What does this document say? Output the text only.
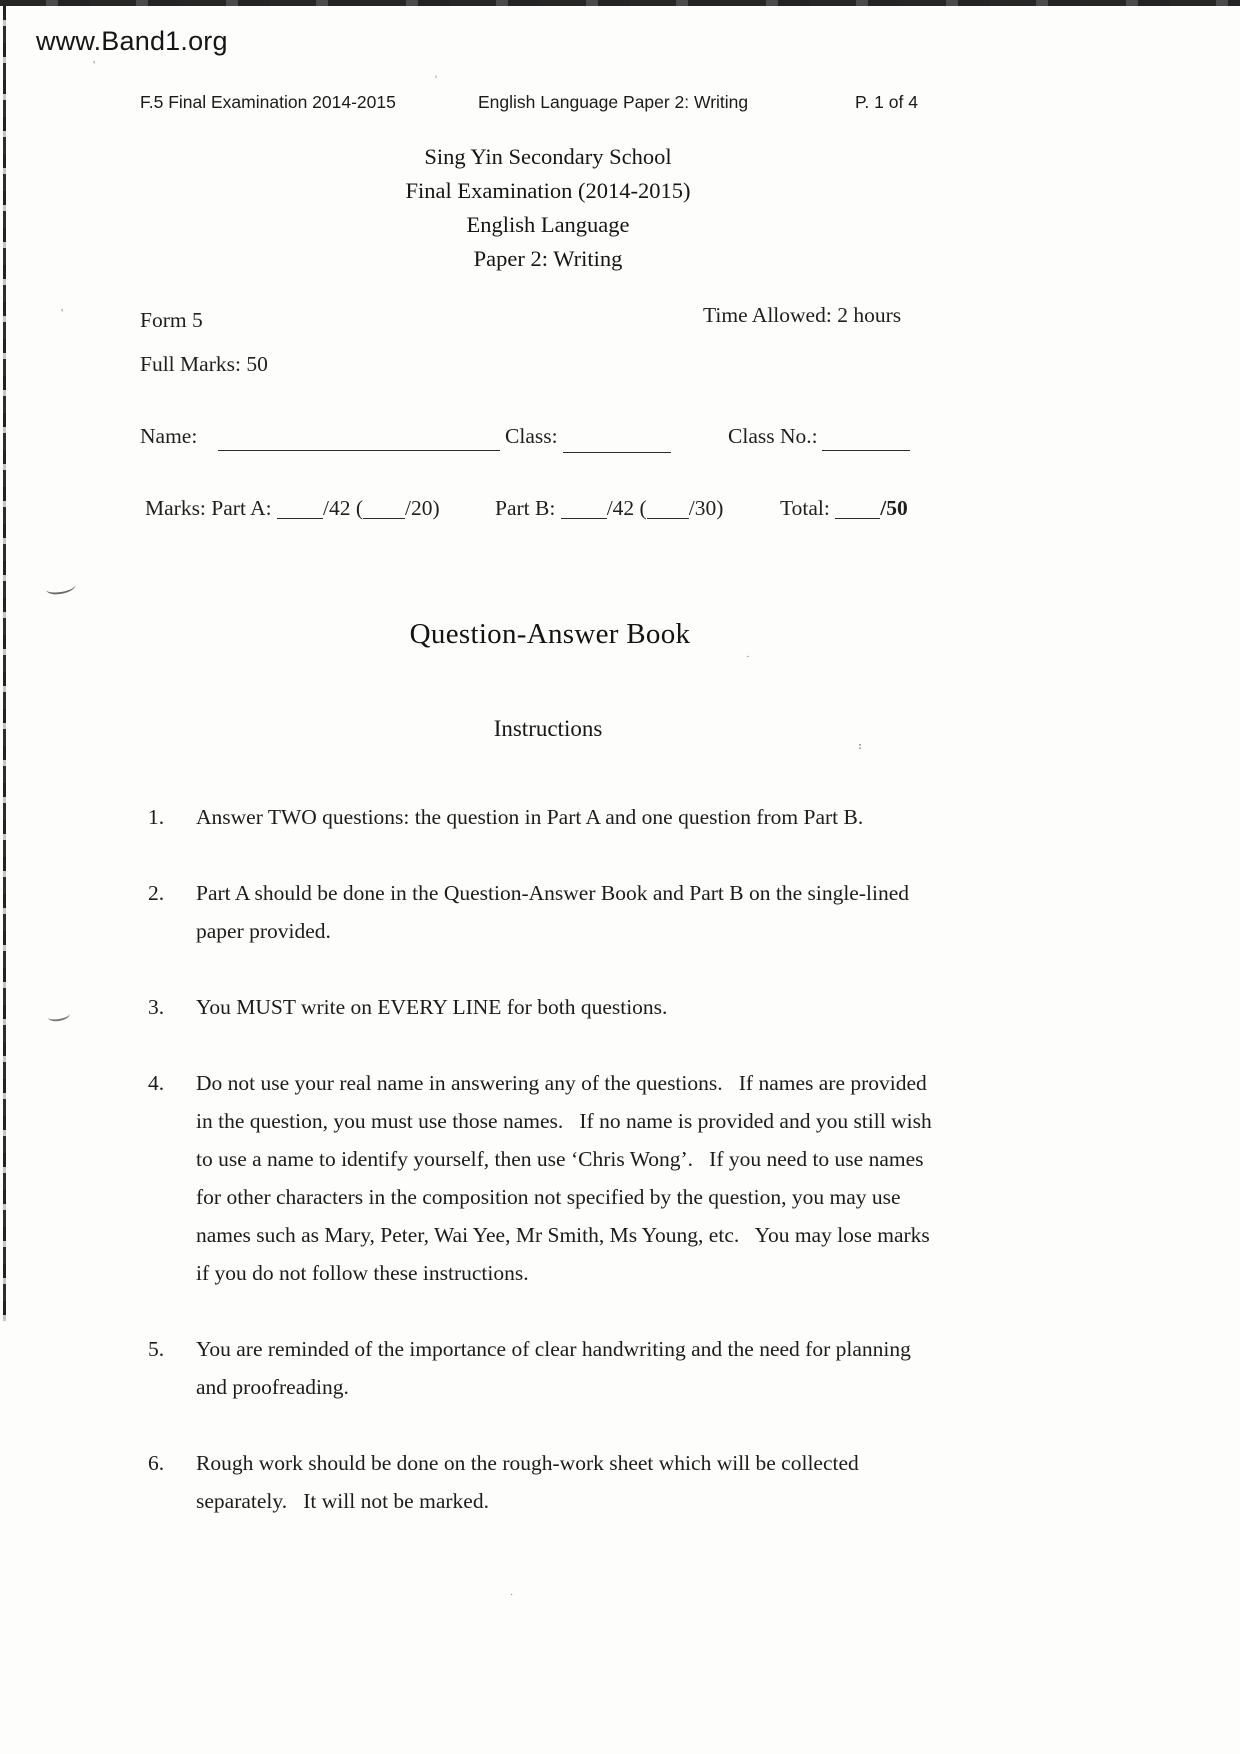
ʿ
ʿ
ʿ
·
։
·
www.Band1.org
F.5 Final Examination 2014-2015	English Language Paper 2: Writing	P. 1 of 4
Sing Yin Secondary School
Final Examination (2014-2015)
English Language
Paper 2: Writing
Form 5
Full Marks: 50
Time Allowed: 2 hours
Name:	Class:	Class No.:
Marks: Part A: /42 ( /20)	Part B: /42 ( /30)	Total: /50
Question-Answer Book
Instructions
1.	Answer TWO questions: the question in Part A and one question from Part B.
2.	Part A should be done in the Question-Answer Book and Part B on the single-lined paper provided.
3.	You MUST write on EVERY LINE for both questions.
4.	Do not use your real name in answering any of the questions.   If names are provided in the question, you must use those names.   If no name is provided and you still wish to use a name to identify yourself, then use ‘Chris Wong’.   If you need to use names for other characters in the composition not specified by the question, you may use names such as Mary, Peter, Wai Yee, Mr Smith, Ms Young, etc.   You may lose marks if you do not follow these instructions.
5.	You are reminded of the importance of clear handwriting and the need for planning and proofreading.
6.	Rough work should be done on the rough-work sheet which will be collected separately.   It will not be marked.
